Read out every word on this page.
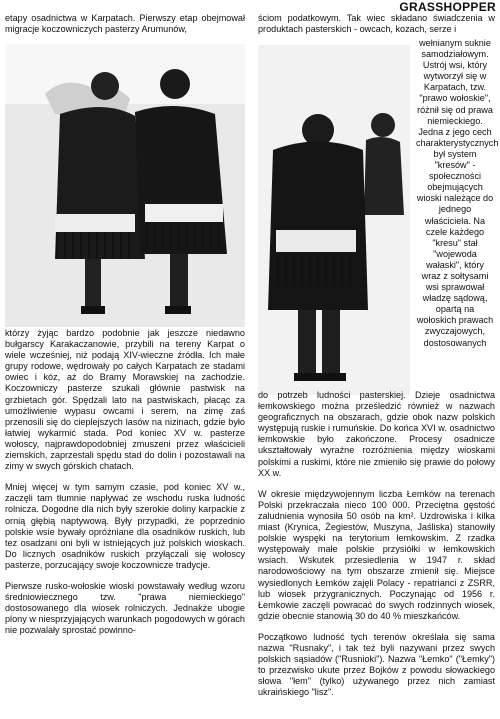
GRASSHOPPER

etapy osadnictwa w Karpatach. Pierwszy etap obejmował migracje koczowniczych pasterzy Arumunów,

którzy żyjąc bardzo podobnie jak jeszcze niedawno bułgarscy Karakaczanowie, przybili na tereny Karpat o wiele wcześniej, niż podają XIV-wieczne źródła. Ich małe grupy rodowe, wędrowały po całych Karpatach ze stadami owiec i kóz, aż do Bramy Morawskiej na zachodzie. Koczowniczy pasterze szukali głównie pastwisk na grzbietach gór. Spędzali lato na pastwiskach, płacąc za umożliwienie wypasu owcami i serem, na zimę zaś przenosili się do cieplejszych lasów na nizinach, gdzie było łatwiej wykarmić stada. Pod koniec XV w. pasterze wołoscy, najprawdopodobniej zmuszeni przez właścicieli ziemskich, zaprzestali spędu stad do dolin i pozostawali na zimy w swych górskich chatach.

Mniej więcej w tym samym czasie, pod koniec XV w., zaczęli tam tłumnie napływać ze wschodu ruska ludność rolnicza. Dogodne dla nich były szerokie doliny karpackie z ornią głębią naptywową. Były przypadki, że poprzednio polskie wsie bywały opróżniane dla osadników ruskich, lub tez osadzani oni byli w istniejących już polskich wioskach. Do licznych osadników ruskich przyłączali się wołoscy pasterze, porzucający swoje koczownicze tradycje.

Pierwsze rusko-wołoskie wioski powstawały według wzoru średniowiecznego tzw. "prawa niemieckiego" dostosowanego dla wiosek rolniczych. Jednakże ubogie plony w niesprzyjających warunkach pogodowych w górach nie pozwalały sprostać powinno-

ściom podatkowym. Tak wiec składano świadczenia w produktach pasterskich - owcach, kozach, serze i

wełnianym suknie samodziałowym. Ustrój wsi, który wytworzył się w Karpatach, tzw. "prawo wołoskie", różnił się od prawa niemieckiego. Jedna z jego cech charakterystycznych był system "kresów" - społeczności obejmujących wioski należące do jednego właściciela. Na czele każdego "kresu" stał "wojewoda wałaski", który wraz z sołtysami wsi sprawował władzę sądową, opartą na wołoskich prawach zwyczajowych, dostosowanych

do potrzeb ludności pasterskiej. Dzieje osadnictwa łemkowskiego można prześledzić również w nazwach geograficznych na obszarach, gdzie obok nazw polskich występują ruskie i rumuńskie. Do końca XVI w. osadnictwo łemkowskie było zakończone. Procesy osadnicze ukształtowały wyraźne rozróżnienia między wioskami polskimi a ruskimi, które nie zmieniło się prawie do połowy XX w.

W okresie międzywojennym liczba Łemków na terenach Polski przekraczała nieco 100 000. Przeciętna gęstość zaludnienia wynosiła 50 osób na km². Uzdrowiska i kilka miast (Krynica, Żegiestów, Muszyna, Jaśliska) stanowiły polskie wyspęki na terytorium łemkowskim. Z rzadka występowały małe polskie przysiółki w łemkowskich wsiach. Wskutek przesiedlenia w 1947 r. skład narodowościowy na tym obszarze zmienił się. Miejsce wysiedlonych Łemków zajęli Polacy - repatrianci z ZSRR, lub wiosek przygranicznych. Poczynając od 1956 r. Łemkowie zaczęli powracać do swych rodzinnych wiosek, gdzie obecnie stanowią 30 do 40 % mieszkańców.

Początkowo ludność tych terenów określała się sama nazwa "Rusnaky", i tak też byli nazywani przez swych polskich sąsiadów ("Rusnioki"). Nazwa "Łemko" ("Łemky") to przezwisko ukute przez Bojków z powodu słowackiego słowa "łem" (tylko) używanego przez nich zamiast ukraińskiego "lisz".
